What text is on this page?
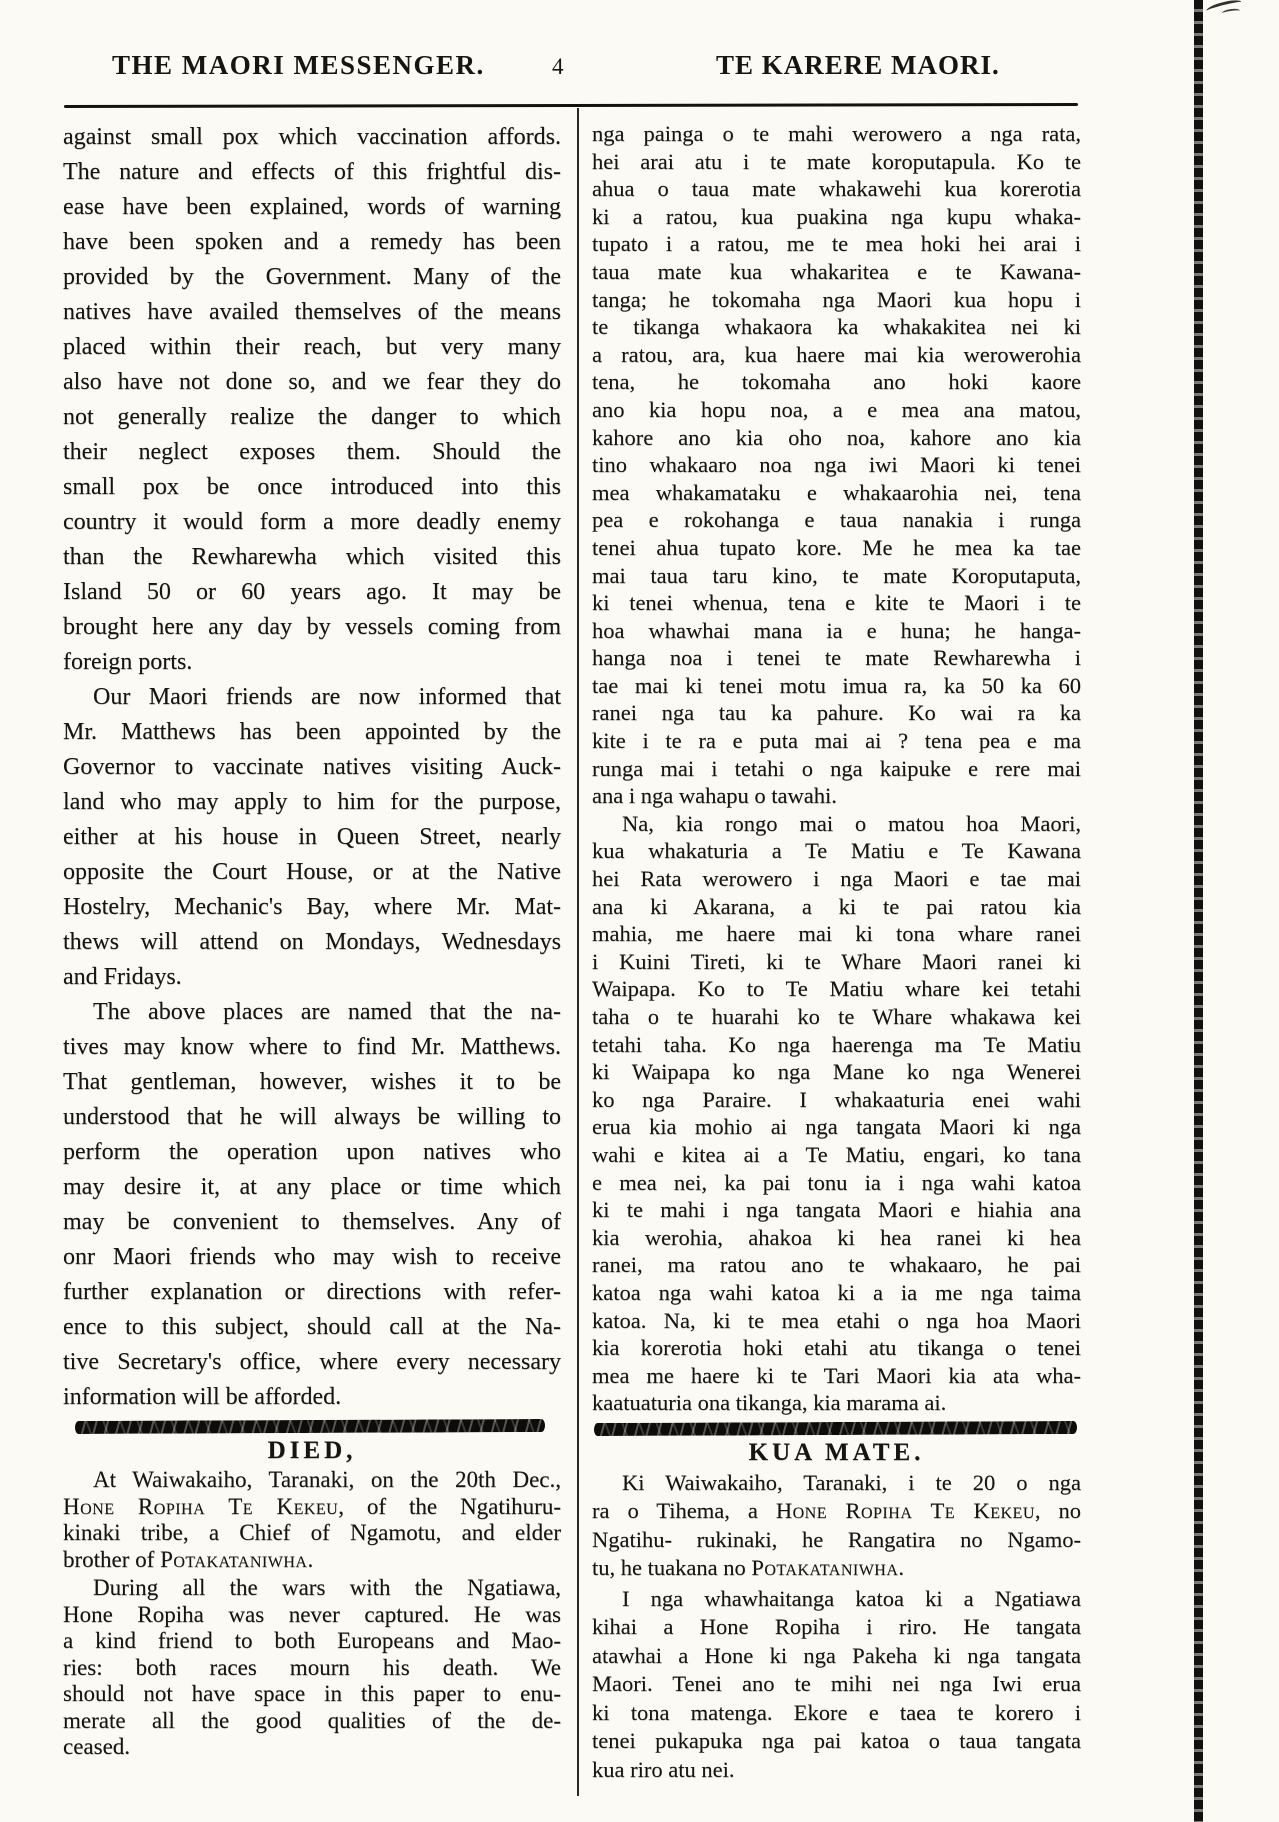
THE MAORI MESSENGER.	4	TE KARERE MAORI.
against small pox which vaccination affords.
The nature and effects of this frightful dis-
ease have been explained, words of warning
have been spoken and a remedy has been
provided by the Government. Many of the
natives have availed themselves of the means
placed within their reach, but very many
also have not done so, and we fear they do
not generally realize the danger to which
their neglect exposes them. Should the
small pox be once introduced into this
country it would form a more deadly enemy
than the Rewharewha which visited this
Island 50 or 60 years ago. It may be
brought here any day by vessels coming from
foreign ports.
Our Maori friends are now informed that
Mr. Matthews has been appointed by the
Governor to vaccinate natives visiting Auck-
land who may apply to him for the purpose,
either at his house in Queen Street, nearly
opposite the Court House, or at the Native
Hostelry, Mechanic's Bay, where Mr. Mat-
thews will attend on Mondays, Wednesdays
and Fridays.
The above places are named that the na-
tives may know where to find Mr. Matthews.
That gentleman, however, wishes it to be
understood that he will always be willing to
perform the operation upon natives who
may desire it, at any place or time which
may be convenient to themselves. Any of
onr Maori friends who may wish to receive
further explanation or directions with refer-
ence to this subject, should call at the Na-
tive Secretary's office, where every necessary
information will be afforded.
DIED,
At Waiwakaiho, Taranaki, on the 20th Dec.,
Hone Ropiha Te Kekeu, of the Ngatihuru-
kinaki tribe, a Chief of Ngamotu, and elder
brother of Potakataniwha.
During all the wars with the Ngatiawa,
Hone Ropiha was never captured. He was
a kind friend to both Europeans and Mao-
ries: both races mourn his death. We
should not have space in this paper to enu-
merate all the good qualities of the de-
ceased.
nga painga o te mahi werowero a nga rata,
hei arai atu i te mate koroputapula. Ko te
ahua o taua mate whakawehi kua korerotia
ki a ratou, kua puakina nga kupu whaka-
tupato i a ratou, me te mea hoki hei arai i
taua mate kua whakaritea e te Kawana-
tanga; he tokomaha nga Maori kua hopu i
te tikanga whakaora ka whakakitea nei ki
a ratou, ara, kua haere mai kia werowerohia
tena, he tokomaha ano hoki kaore
ano kia hopu noa, a e mea ana matou,
kahore ano kia oho noa, kahore ano kia
tino whakaaro noa nga iwi Maori ki tenei
mea whakamataku e whakaarohia nei, tena
pea e rokohanga e taua nanakia i runga
tenei ahua tupato kore. Me he mea ka tae
mai taua taru kino, te mate Koroputaputa,
ki tenei whenua, tena e kite te Maori i te
hoa whawhai mana ia e huna; he hanga-
hanga noa i tenei te mate Rewharewha i
tae mai ki tenei motu imua ra, ka 50 ka 60
ranei nga tau ka pahure. Ko wai ra ka
kite i te ra e puta mai ai ? tena pea e ma
runga mai i tetahi o nga kaipuke e rere mai
ana i nga wahapu o tawahi.
Na, kia rongo mai o matou hoa Maori,
kua whakaturia a Te Matiu e Te Kawana
hei Rata werowero i nga Maori e tae mai
ana ki Akarana, a ki te pai ratou kia
mahia, me haere mai ki tona whare ranei
i Kuini Tireti, ki te Whare Maori ranei ki
Waipapa. Ko to Te Matiu whare kei tetahi
taha o te huarahi ko te Whare whakawa kei
tetahi taha. Ko nga haerenga ma Te Matiu
ki Waipapa ko nga Mane ko nga Wenerei
ko nga Paraire. I whakaaturia enei wahi
erua kia mohio ai nga tangata Maori ki nga
wahi e kitea ai a Te Matiu, engari, ko tana
e mea nei, ka pai tonu ia i nga wahi katoa
ki te mahi i nga tangata Maori e hiahia ana
kia werohia, ahakoa ki hea ranei ki hea
ranei, ma ratou ano te whakaaro, he pai
katoa nga wahi katoa ki a ia me nga taima
katoa. Na, ki te mea etahi o nga hoa Maori
kia korerotia hoki etahi atu tikanga o tenei
mea me haere ki te Tari Maori kia ata wha-
kaatuaturia ona tikanga, kia marama ai.
KUA MATE.
Ki Waiwakaiho, Taranaki, i te 20 o nga
ra o Tihema, a Hone Ropiha Te Kekeu, no
Ngatihu- rukinaki, he Rangatira no Ngamo-
tu, he tuakana no Potakataniwha.
I nga whawhaitanga katoa ki a Ngatiawa
kihai a Hone Ropiha i riro. He tangata
atawhai a Hone ki nga Pakeha ki nga tangata
Maori. Tenei ano te mihi nei nga Iwi erua
ki tona matenga. Ekore e taea te korero i
tenei pukapuka nga pai katoa o taua tangata
kua riro atu nei.
